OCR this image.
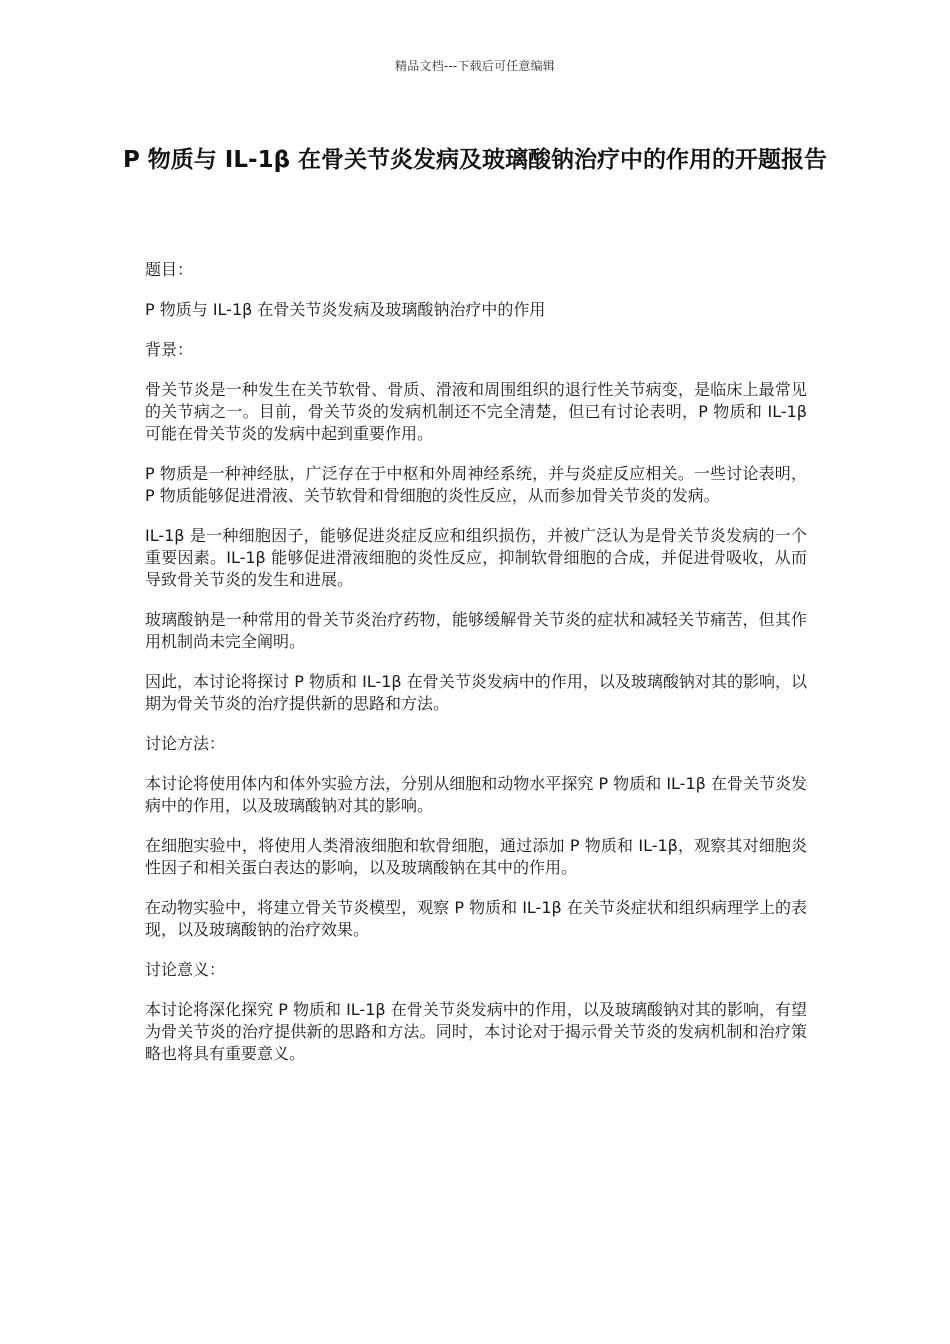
精品文档---下载后可任意编辑
P 物质与 IL-1β 在骨关节炎发病及玻璃酸钠治疗中的作用的开题报告

题目：

P 物质与 IL-1β 在骨关节炎发病及玻璃酸钠治疗中的作用

背景：

骨关节炎是一种发生在关节软骨、骨质、滑液和周围组织的退行性关节病变，是临床上最常见的关节病之一。目前，骨关节炎的发病机制还不完全清楚，但已有讨论表明，P 物质和 IL-1β 可能在骨关节炎的发病中起到重要作用。

P 物质是一种神经肽，广泛存在于中枢和外周神经系统，并与炎症反应相关。一些讨论表明，P 物质能够促进滑液、关节软骨和骨细胞的炎性反应，从而参加骨关节炎的发病。

IL-1β 是一种细胞因子，能够促进炎症反应和组织损伤，并被广泛认为是骨关节炎发病的一个重要因素。IL-1β 能够促进滑液细胞的炎性反应，抑制软骨细胞的合成，并促进骨吸收，从而导致骨关节炎的发生和进展。

玻璃酸钠是一种常用的骨关节炎治疗药物，能够缓解骨关节炎的症状和减轻关节痛苦，但其作用机制尚未完全阐明。

因此，本讨论将探讨 P 物质和 IL-1β 在骨关节炎发病中的作用，以及玻璃酸钠对其的影响，以期为骨关节炎的治疗提供新的思路和方法。

讨论方法：

本讨论将使用体内和体外实验方法，分别从细胞和动物水平探究 P 物质和 IL-1β 在骨关节炎发病中的作用，以及玻璃酸钠对其的影响。

在细胞实验中，将使用人类滑液细胞和软骨细胞，通过添加 P 物质和 IL-1β，观察其对细胞炎性因子和相关蛋白表达的影响，以及玻璃酸钠在其中的作用。

在动物实验中，将建立骨关节炎模型，观察 P 物质和 IL-1β 在关节炎症状和组织病理学上的表现，以及玻璃酸钠的治疗效果。

讨论意义：

本讨论将深化探究 P 物质和 IL-1β 在骨关节炎发病中的作用，以及玻璃酸钠对其的影响，有望为骨关节炎的治疗提供新的思路和方法。同时，本讨论对于揭示骨关节炎的发病机制和治疗策略也将具有重要意义。
